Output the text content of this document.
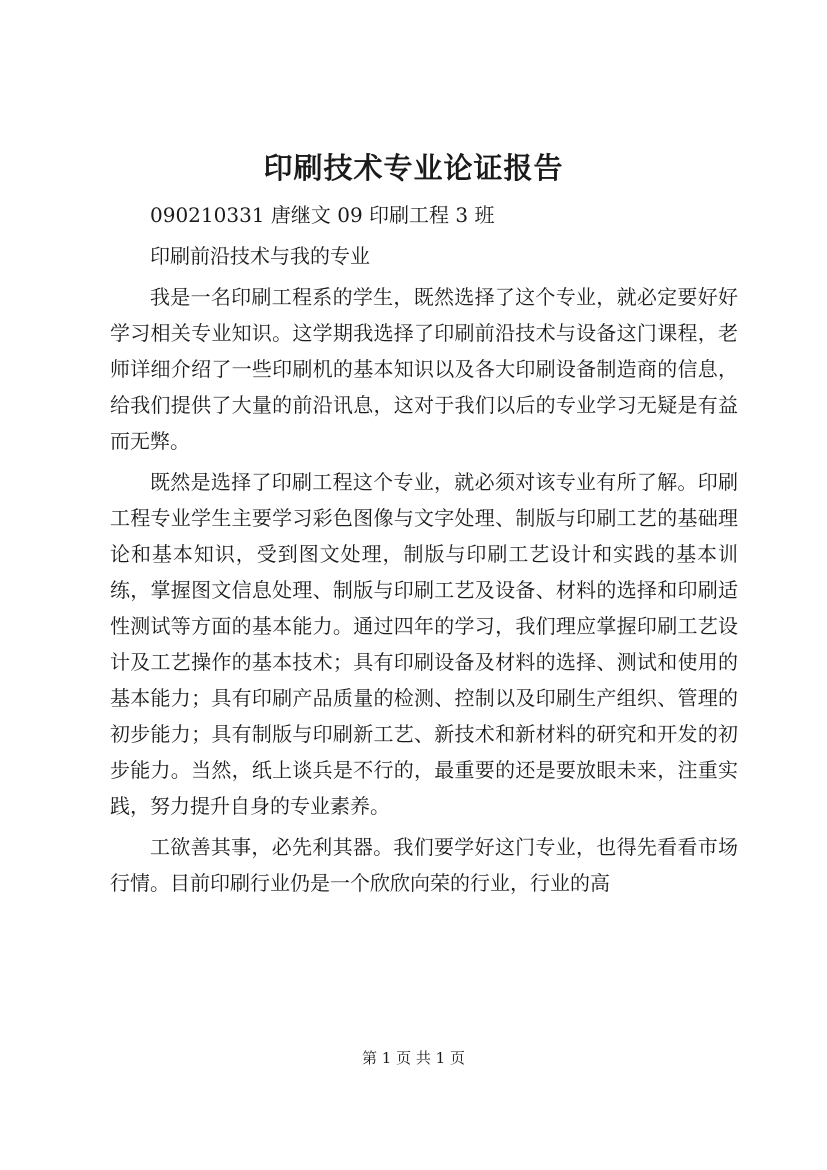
印刷技术专业论证报告

090210331 唐继文 09 印刷工程 3 班

印刷前沿技术与我的专业

我是一名印刷工程系的学生，既然选择了这个专业，就必定要好好学习相关专业知识。这学期我选择了印刷前沿技术与设备这门课程，老师详细介绍了一些印刷机的基本知识以及各大印刷设备制造商的信息，给我们提供了大量的前沿讯息，这对于我们以后的专业学习无疑是有益而无弊。

既然是选择了印刷工程这个专业，就必须对该专业有所了解。印刷工程专业学生主要学习彩色图像与文字处理、制版与印刷工艺的基础理论和基本知识，受到图文处理，制版与印刷工艺设计和实践的基本训练，掌握图文信息处理、制版与印刷工艺及设备、材料的选择和印刷适性测试等方面的基本能力。通过四年的学习，我们理应掌握印刷工艺设计及工艺操作的基本技术；具有印刷设备及材料的选择、测试和使用的基本能力；具有印刷产品质量的检测、控制以及印刷生产组织、管理的初步能力；具有制版与印刷新工艺、新技术和新材料的研究和开发的初步能力。当然，纸上谈兵是不行的，最重要的还是要放眼未来，注重实践，努力提升自身的专业素养。

工欲善其事，必先利其器。我们要学好这门专业，也得先看看市场行情。目前印刷行业仍是一个欣欣向荣的行业，行业的高

第 1 页 共 1 页
